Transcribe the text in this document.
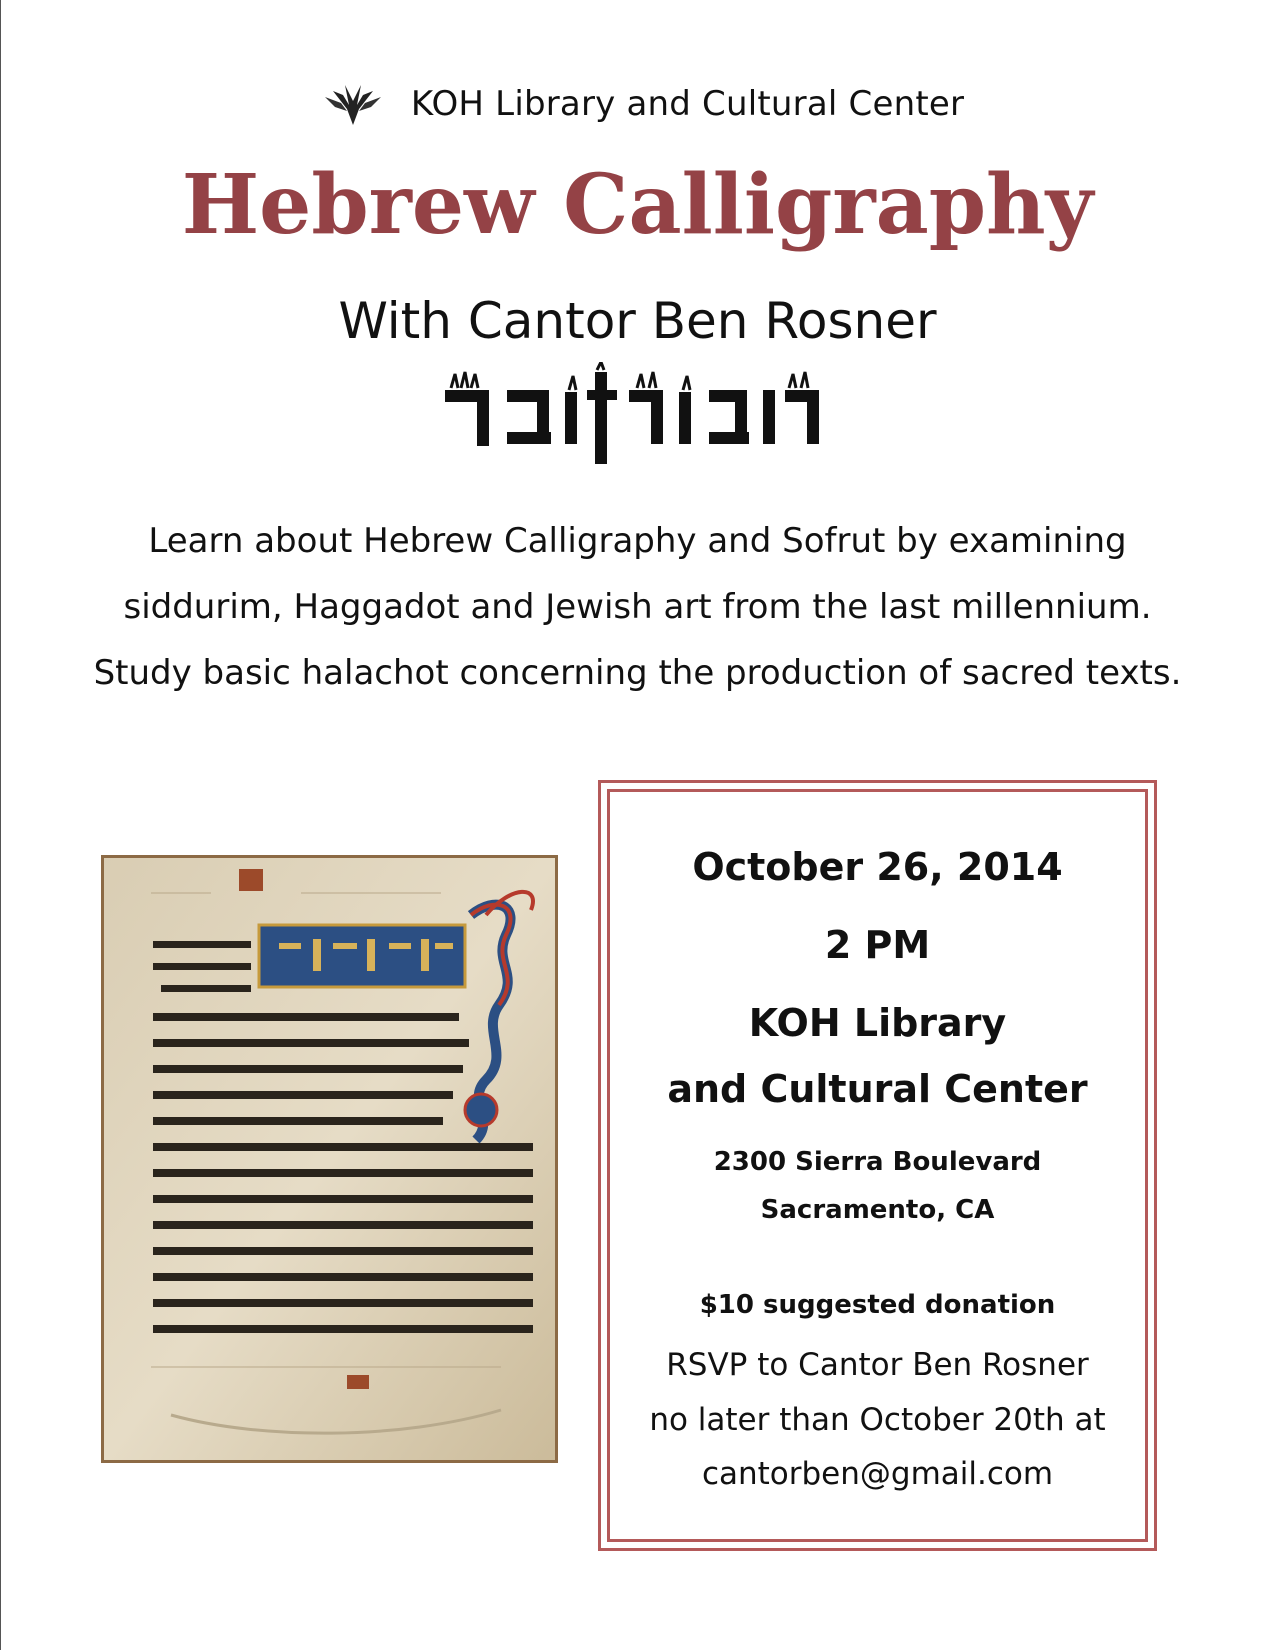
KOH Library and Cultural Center
Hebrew Calligraphy
With Cantor Ben Rosner
Learn about Hebrew Calligraphy and Sofrut by examining siddurim, Haggadot and Jewish art from the last millennium. Study basic halachot concerning the production of sacred texts.
October 26, 2014
2 PM
KOH Library
and Cultural Center
2300 Sierra Boulevard
Sacramento, CA
$10 suggested donation
RSVP to Cantor Ben Rosner
no later than October 20th at
cantorben@gmail.com
